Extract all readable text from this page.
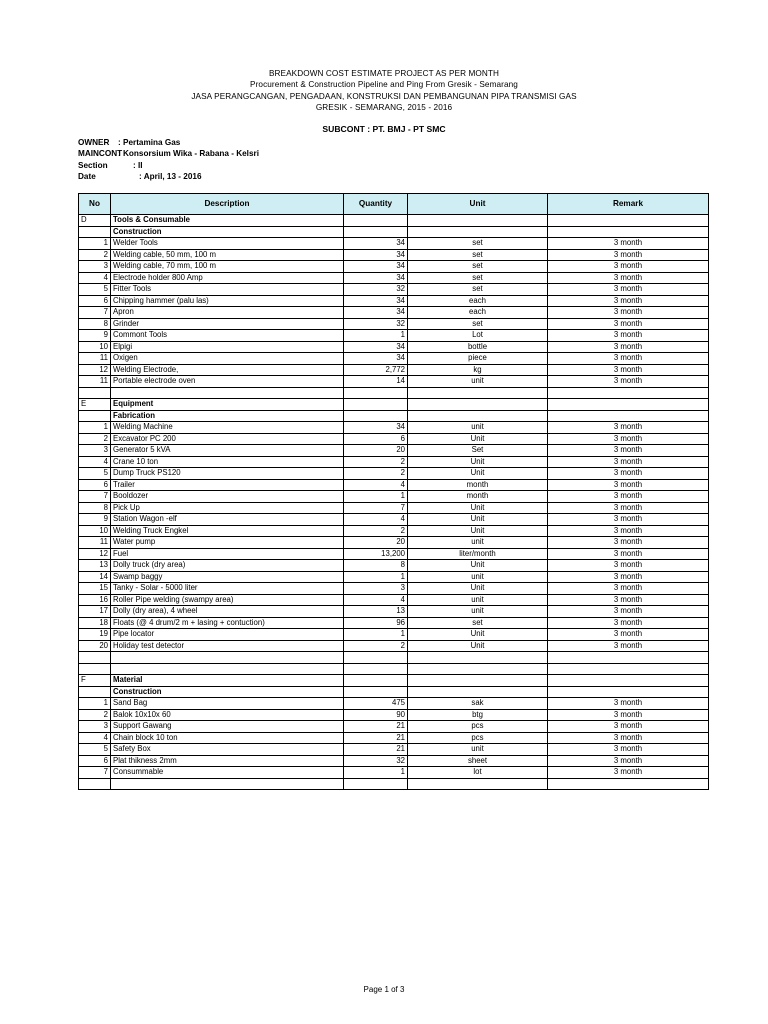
BREAKDOWN COST ESTIMATE PROJECT AS PER MONTH
Procurement & Construction Pipeline and Ping From Gresik - Semarang
JASA PERANGCANGAN, PENGADAAN, KONSTRUKSI DAN PEMBANGUNAN PIPA TRANSMISI GAS
GRESIK - SEMARANG, 2015 - 2016
SUBCONT : PT. BMJ - PT SMC
OWNER : Pertamina Gas
MAINCONT
: Konsorsium Wika - Rabana - Kelsri
Section	: II
Date	: April, 13 - 2016
No	Description	Quantity	Unit	Remark
D	Tools & Consumable			
	Construction			
1	Welder Tools	34	set	3 month
2	Welding cable, 50 mm, 100 m	34	set	3 month
3	Welding cable, 70 mm, 100 m	34	set	3 month
4	Electrode holder 800 Amp	34	set	3 month
5	Fitter Tools	32	set	3 month
6	Chipping hammer (palu las)	34	each	3 month
7	Apron	34	each	3 month
8	Grinder	32	set	3 month
9	Commont Tools	1	Lot	3 month
10	Elpigi	34	bottle	3 month
11	Oxigen	34	piece	3 month
12	Welding Electrode,	2,772	kg	3 month
11	Portable electrode oven	14	unit	3 month

E	Equipment			
	Fabrication			
1	Welding Machine	34	unit	3 month
2	Excavator PC 200	6	Unit	3 month
3	Generator 5 kVA	20	Set	3 month
4	Crane 10 ton	2	Unit	3 month
5	Dump Truck PS120	2	Unit	3 month
6	Trailer	4	month	3 month
7	Booldozer	1	month	3 month
8	Pick Up	7	Unit	3 month
9	Station Wagon -elf	4	Unit	3 month
10	Welding Truck Engkel	2	Unit	3 month
11	Water pump	20	unit	3 month
12	Fuel	13,200	liter/month	3 month
13	Dolly truck (dry area)	8	Unit	3 month
14	Swamp baggy	1	unit	3 month
15	Tanky - Solar - 5000 liter	3	Unit	3 month
16	Roller Pipe welding (swampy area)	4	unit	3 month
17	Dolly (dry area), 4 wheel	13	unit	3 month
18	Floats (@ 4 drum/2 m + lasing + contuction)	96	set	3 month
19	Pipe locator	1	Unit	3 month
20	Holiday test detector	2	Unit	3 month

F	Material			
	Construction			
1	Sand Bag	475	sak	3 month
2	Balok 10x10x 60	90	btg	3 month
3	Support Gawang	21	pcs	3 month
4	Chain block 10 ton	21	pcs	3 month
5	Safety Box	21	unit	3 month
6	Plat thikness 2mm	32	sheet	3 month
7	Consummable	1	lot	3 month

Page 1 of 3
